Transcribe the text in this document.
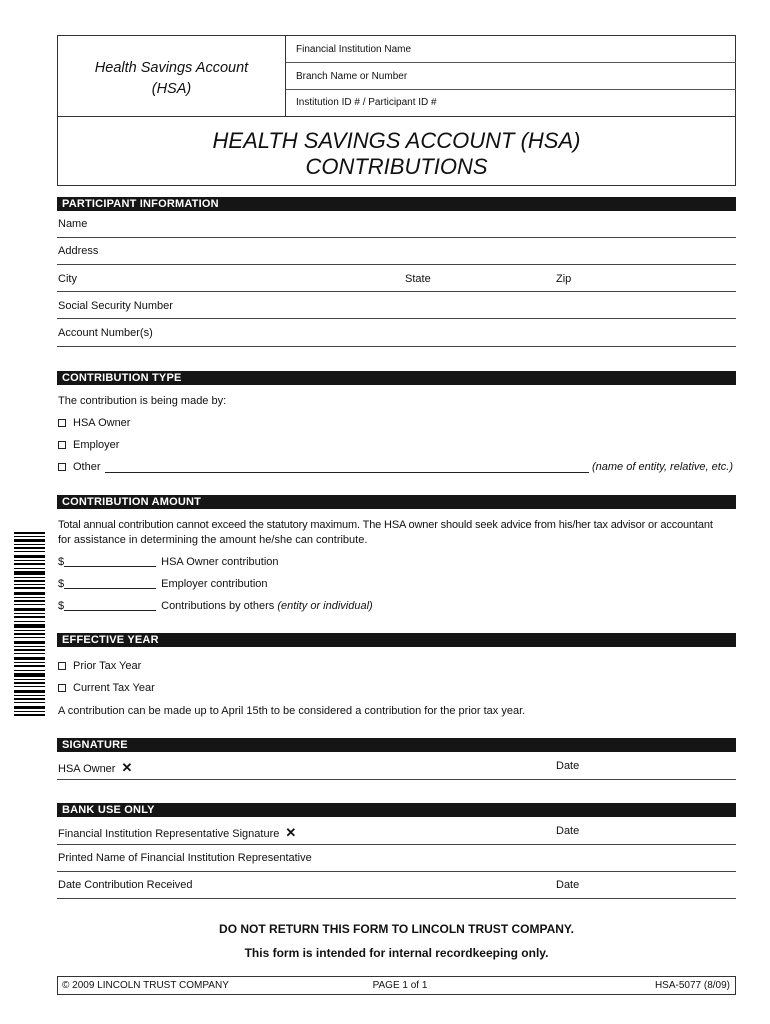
Health Savings Account
(HSA)
Financial Institution Name
Branch Name or Number
Institution ID # / Participant ID #
HEALTH SAVINGS ACCOUNT (HSA)
CONTRIBUTIONS
PARTICIPANT INFORMATION
Name
Address
City	State	Zip
Social Security Number
Account Number(s)
CONTRIBUTION TYPE
The contribution is being made by:
HSA Owner
Employer
Other	(name of entity, relative, etc.)
CONTRIBUTION AMOUNT
Total annual contribution cannot exceed the statutory maximum. The HSA owner should seek advice from his/her tax advisor or accountant
for assistance in determining the amount he/she can contribute.
$	HSA Owner contribution
$	Employer contribution
$	Contributions by others (entity or individual)
EFFECTIVE YEAR
Prior Tax Year
Current Tax Year
A contribution can be made up to April 15th to be considered a contribution for the prior tax year.
SIGNATURE
HSA Owner ✕	Date
BANK USE ONLY
Financial Institution Representative Signature ✕	Date
Printed Name of Financial Institution Representative
Date Contribution Received	Date
DO NOT RETURN THIS FORM TO LINCOLN TRUST COMPANY.
This form is intended for internal recordkeeping only.
© 2009 LINCOLN TRUST COMPANY	PAGE 1 of 1	HSA-5077 (8/09)
